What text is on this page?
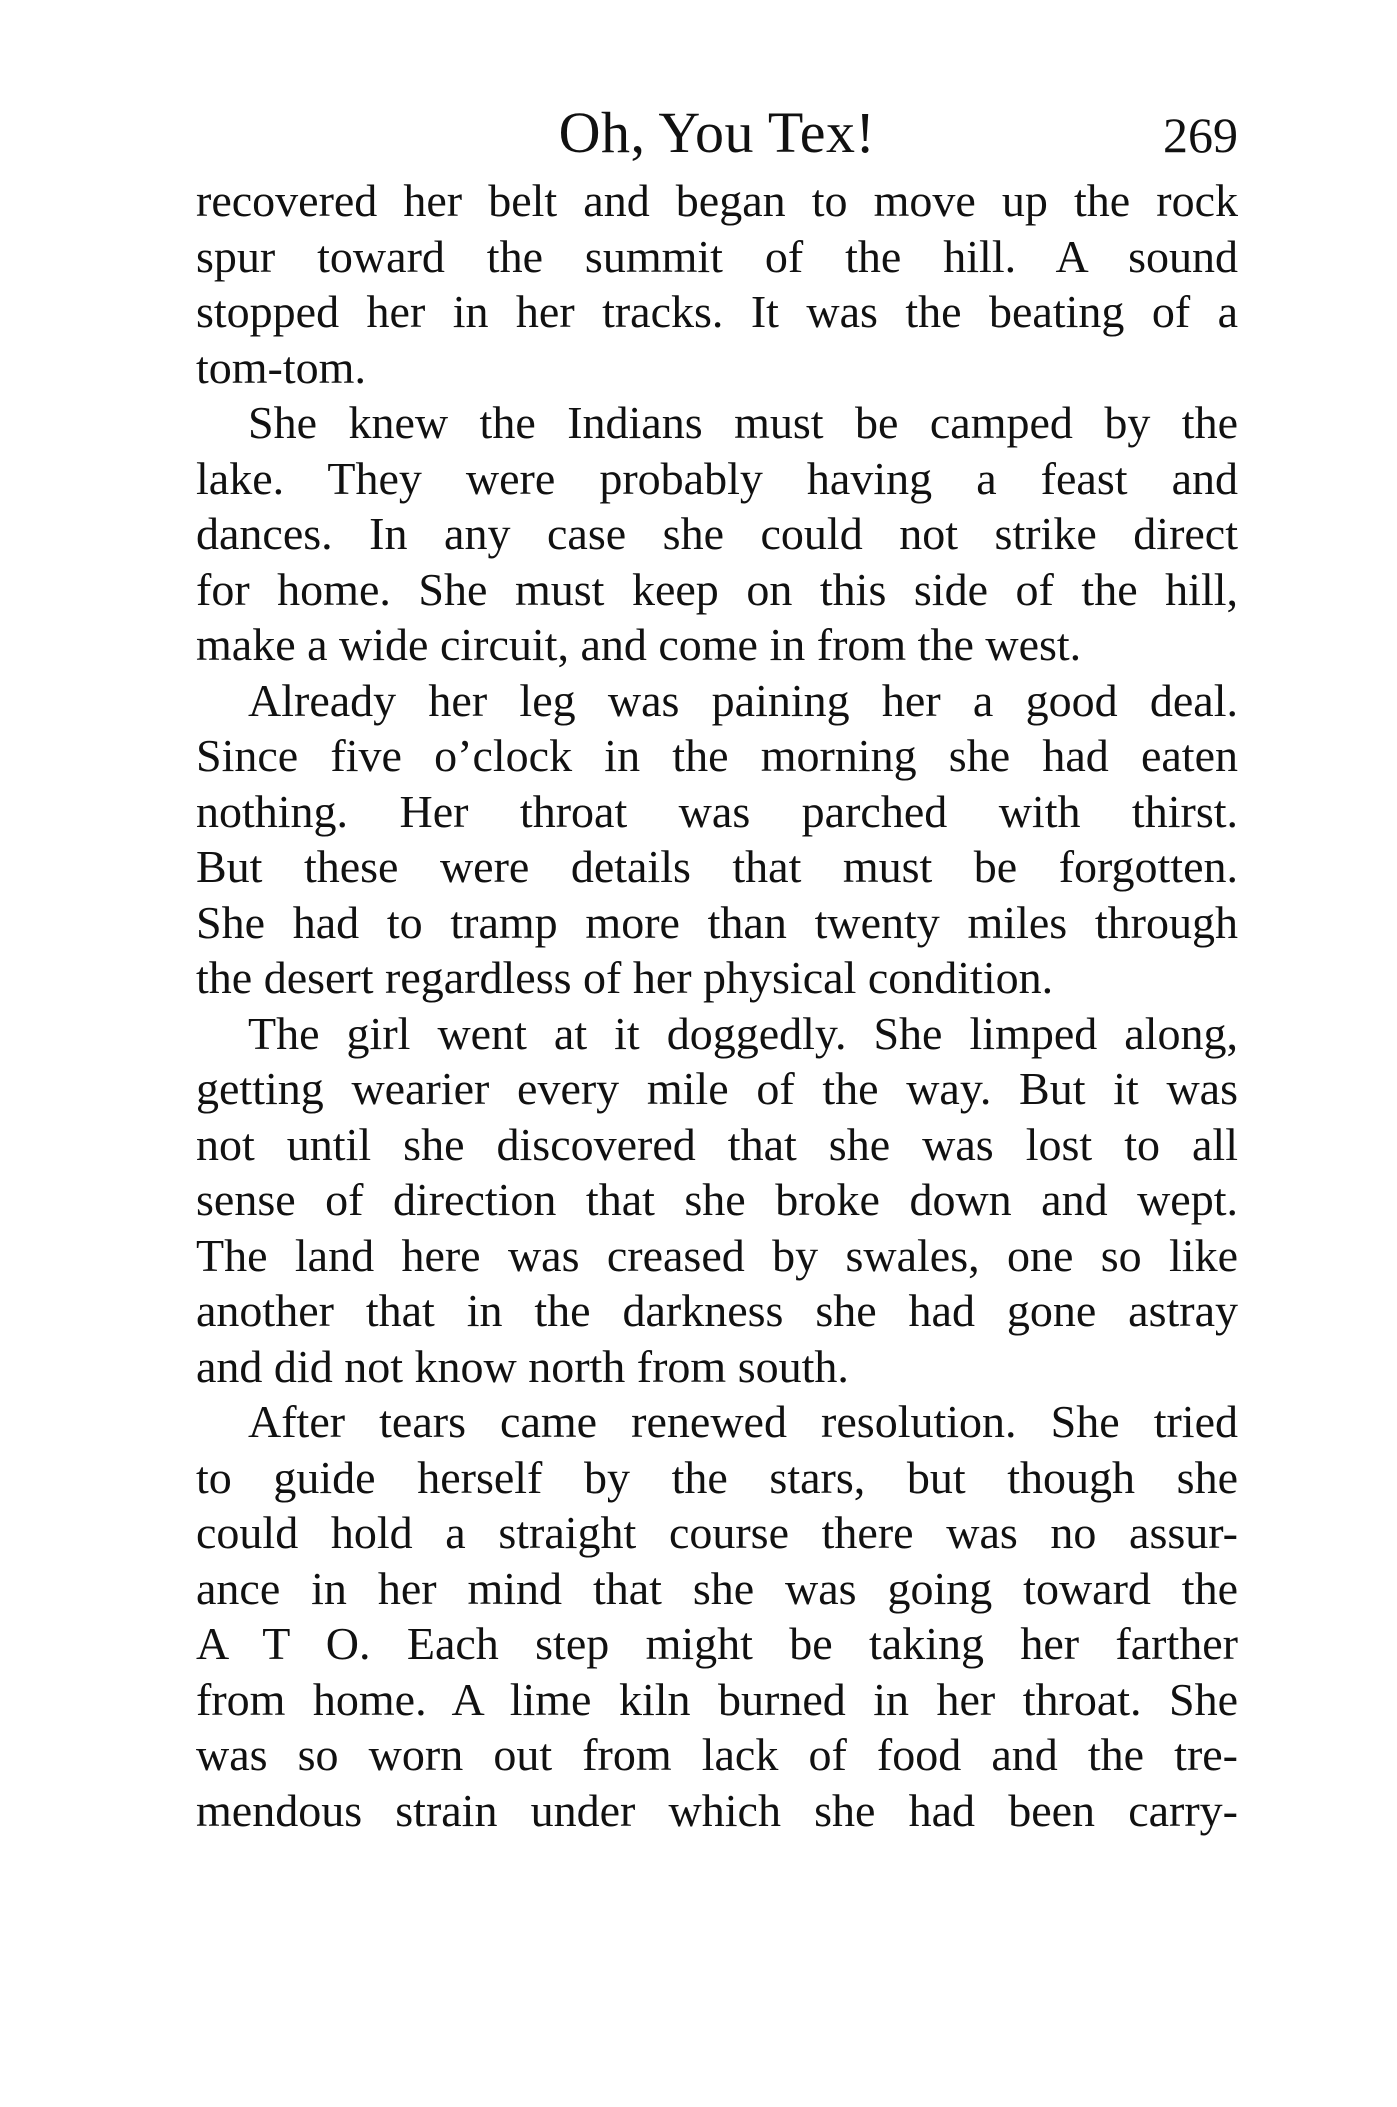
Oh, You Tex!	269

recovered her belt and began to move up the rock
spur toward the summit of the hill. A sound
stopped her in her tracks. It was the beating of a
tom-tom.

She knew the Indians must be camped by the
lake. They were probably having a feast and
dances. In any case she could not strike direct
for home. She must keep on this side of the hill,
make a wide circuit, and come in from the west.

Already her leg was paining her a good deal.
Since five o’clock in the morning she had eaten
nothing. Her throat was parched with thirst.
But these were details that must be forgotten.
She had to tramp more than twenty miles through
the desert regardless of her physical condition.

The girl went at it doggedly. She limped along,
getting wearier every mile of the way. But it was
not until she discovered that she was lost to all
sense of direction that she broke down and wept.
The land here was creased by swales, one so like
another that in the darkness she had gone astray
and did not know north from south.

After tears came renewed resolution. She tried
to guide herself by the stars, but though she
could hold a straight course there was no assur-
ance in her mind that she was going toward the
A T O. Each step might be taking her farther
from home. A lime kiln burned in her throat. She
was so worn out from lack of food and the tre-
mendous strain under which she had been carry-
